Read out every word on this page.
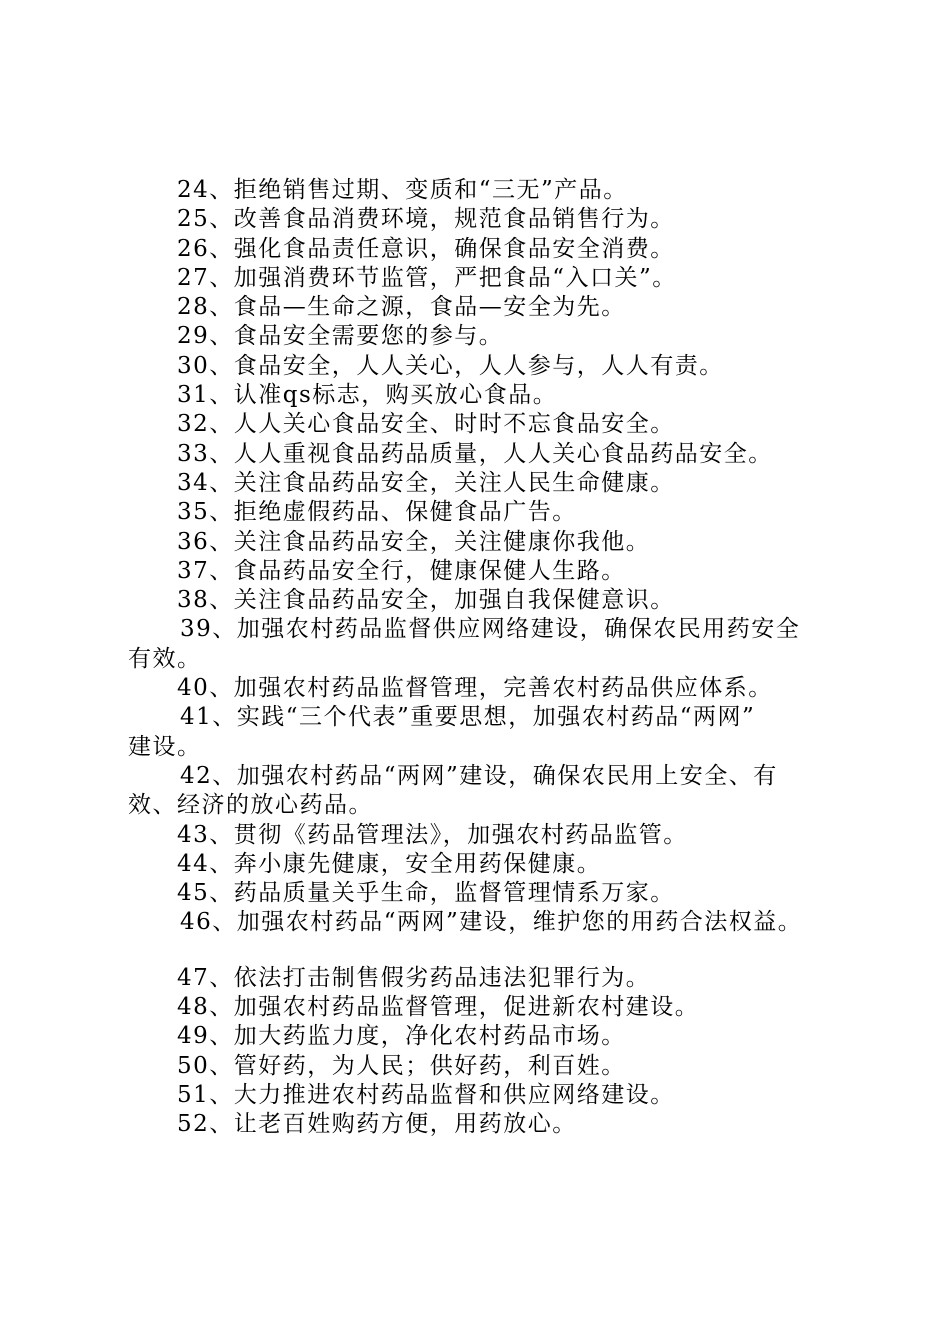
24、拒绝销售过期、变质和“三无”产品。
25、改善食品消费环境，规范食品销售行为。
26、强化食品责任意识，确保食品安全消费。
27、加强消费环节监管，严把食品“入口关”。
28、食品—生命之源，食品—安全为先。
29、食品安全需要您的参与。
30、食品安全，人人关心，人人参与，人人有责。
31、认准qs标志，购买放心食品。
32、人人关心食品安全、时时不忘食品安全。
33、人人重视食品药品质量，人人关心食品药品安全。
34、关注食品药品安全，关注人民生命健康。
35、拒绝虚假药品、保健食品广告。
36、关注食品药品安全，关注健康你我他。
37、食品药品安全行，健康保健人生路。
38、关注食品药品安全，加强自我保健意识。
39、加强农村药品监督供应网络建设，确保农民用药安全
有效。
40、加强农村药品监督管理，完善农村药品供应体系。
41、实践“三个代表”重要思想，加强农村药品“两网”
建设。
42、加强农村药品“两网”建设，确保农民用上安全、有
效、经济的放心药品。
43、贯彻《药品管理法》，加强农村药品监管。
44、奔小康先健康，安全用药保健康。
45、药品质量关乎生命，监督管理情系万家。
46、加强农村药品“两网”建设，维护您的用药合法权益。
47、依法打击制售假劣药品违法犯罪行为。
48、加强农村药品监督管理，促进新农村建设。
49、加大药监力度，净化农村药品市场。
50、管好药，为人民；供好药，利百姓。
51、大力推进农村药品监督和供应网络建设。
52、让老百姓购药方便，用药放心。
